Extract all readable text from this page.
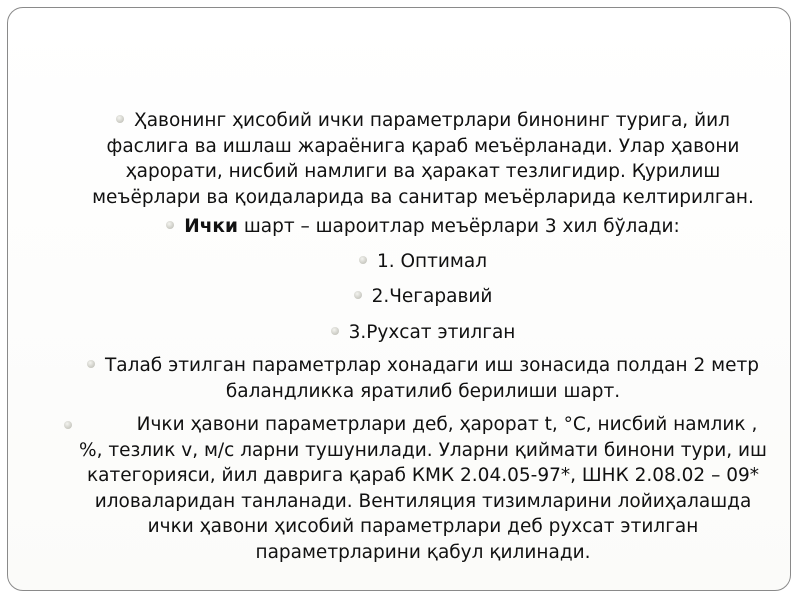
Ҳавонинг ҳисобий ички параметрлари бинонинг турига, йил фаслига ва ишлаш жараёнига қараб меъёрланади. Улар ҳавони ҳарорати, нисбий намлиги ва ҳаракат тезлигидир. Қурилиш меъёрлари ва қоидаларида ва санитар меъёрларида келтирилган.

Ички шарт – шароитлар меъёрлари 3 хил бўлади:

1. Оптимал

2.Чегаравий

3.Рухсат этилган

Талаб этилган параметрлар хонадаги иш зонасида полдан 2 метр баландликка яратилиб берилиши шарт.

Ички ҳавони параметрлари деб, ҳарорат t, °C, нисбий намлик , %, тезлик v, м/с ларни тушунилади. Уларни қиймати бинони тури, иш категорияси, йил даврига қараб КМК 2.04.05-97*, ШНК 2.08.02 – 09* иловаларидан танланади. Вентиляция тизимларини лойиҳалашда ички ҳавони ҳисобий параметрлари деб рухсат этилган параметрларини қабул қилинади.
